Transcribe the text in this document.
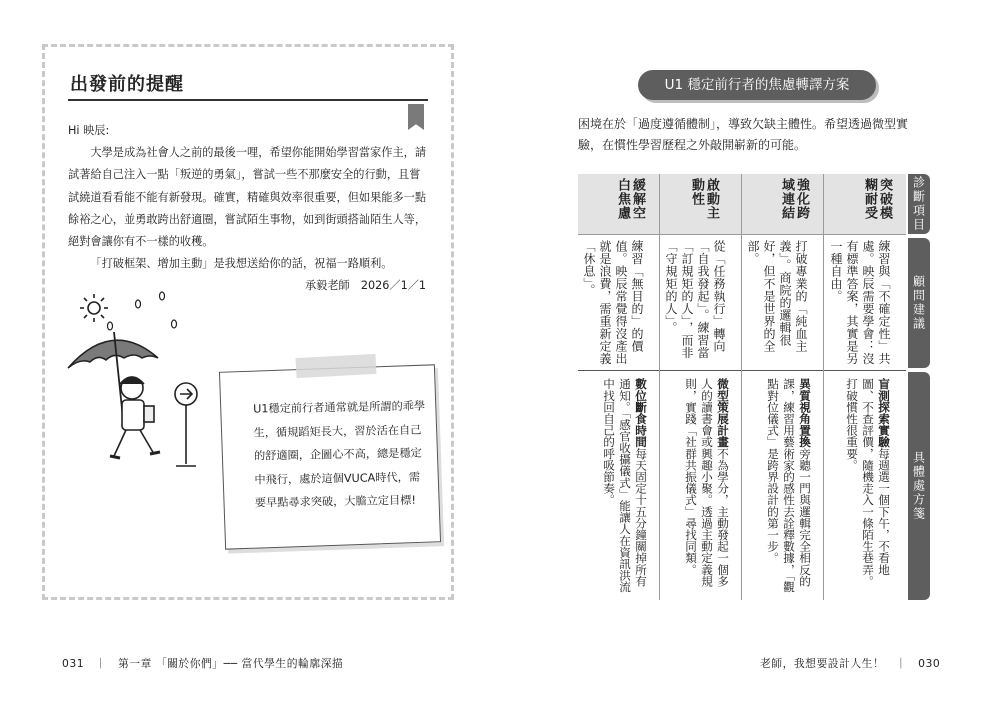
出發前的提醒

Hi 映辰:

大學是成為社會人之前的最後一哩，希望你能開始學習當家作主，請試著給自己注入一點「叛逆的勇氣」，嘗試一些不那麼安全的行動，且嘗試繞道看看能不能有新發現。確實，精確與效率很重要，但如果能多一點餘裕之心，並勇敢跨出舒適圈，嘗試陌生事物，如到街頭搭訕陌生人等，絕對會讓你有不一樣的收穫。

「打破框架、增加主動」是我想送給你的話，祝福一路順利。

承毅老師　2026／1／1

U1穩定前行者通常就是所謂的乖學生，循規蹈矩長大，習於活在自己的舒適圈，企圖心不高，總是穩定中飛行，處於這個VUCA時代，需要早點尋求突破，大膽立定目標!
031　｜　第一章 「關於你們」── 當代學生的輪廓深描
U1 穩定前行者的焦慮轉譯方案
困境在於「過度遵循體制」，導致欠缺主體性。希望透過微型實驗，在慣性學習歷程之外敲開嶄新的可能。
突破模糊耐受
練習與「不確定性」共處。映辰需要學會：沒有標準答案，其實是另一種自由。
盲測探索實驗每週選一個下午，不看地圖、不查評價，隨機走入一條陌生巷弄。打破慣性很重要。
強化跨域連結
打破專業的「純血主義」。商院的邏輯很好，但不是世界的全部。
異質視角置換旁聽一門與邏輯完全相反的課，練習用藝術家的感性去詮釋數據，「觀點對位儀式」是跨界設計的第一步。
啟動主動性
從「任務執行」轉向「自我發起」。練習當「訂規矩的人」，而非「守規矩的人」。
微型策展計畫不為學分，主動發起一個多人的讀書會或興趣小聚。透過主動定義規則，實踐「社群共振儀式」尋找同類。
緩解空白焦慮
練習「無目的」的價值。映辰常覺得沒產出就是浪費，需重新定義「休息」。
數位斷食時間每天固定十五分鐘關掉所有通知。「感官收攝儀式」能讓人在資訊洪流中找回自己的呼吸節奏。
診斷項目
顧問建議
具體處方箋
老師，我想要設計人生！　｜　030
